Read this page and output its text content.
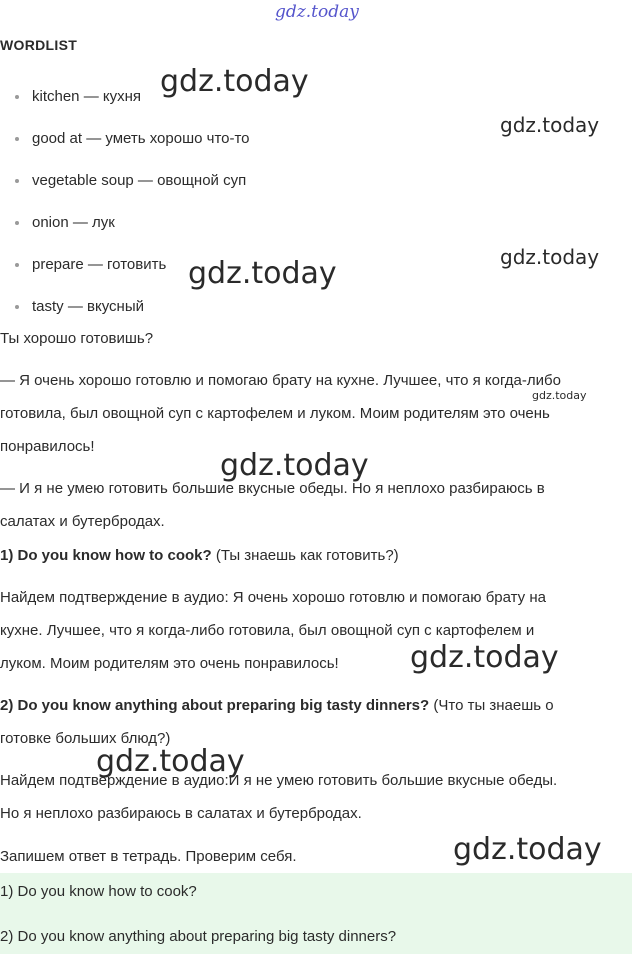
gdz.today
gdz.today
gdz.today
gdz.today
gdz.today
gdz.today
gdz.today
gdz.today
gdz.today
gdz.today
WORDLIST
kitchen — кухня
good at — уметь хорошо что-то
vegetable soup — овощной суп
onion — лук
prepare — готовить
tasty — вкусный
Ты хорошо готовишь?
— Я очень хорошо готовлю и помогаю брату на кухне. Лучшее, что я когда-либо
готовила, был овощной суп с картофелем и луком. Моим родителям это очень
понравилось!
— И я не умею готовить большие вкусные обеды. Но я неплохо разбираюсь в
салатах и бутербродах.
1) Do you know how to cook? (Ты знаешь как готовить?)
Найдем подтверждение в аудио: Я очень хорошо готовлю и помогаю брату на
кухне. Лучшее, что я когда-либо готовила, был овощной суп с картофелем и
луком. Моим родителям это очень понравилось!
2) Do you know anything about preparing big tasty dinners? (Что ты знаешь о
готовке больших блюд?)
Найдем подтверждение в аудио:И я не умею готовить большие вкусные обеды.
Но я неплохо разбираюсь в салатах и бутербродах.
Запишем ответ в тетрадь. Проверим себя.
1) Do you know how to cook?
2) Do you know anything about preparing big tasty dinners?
